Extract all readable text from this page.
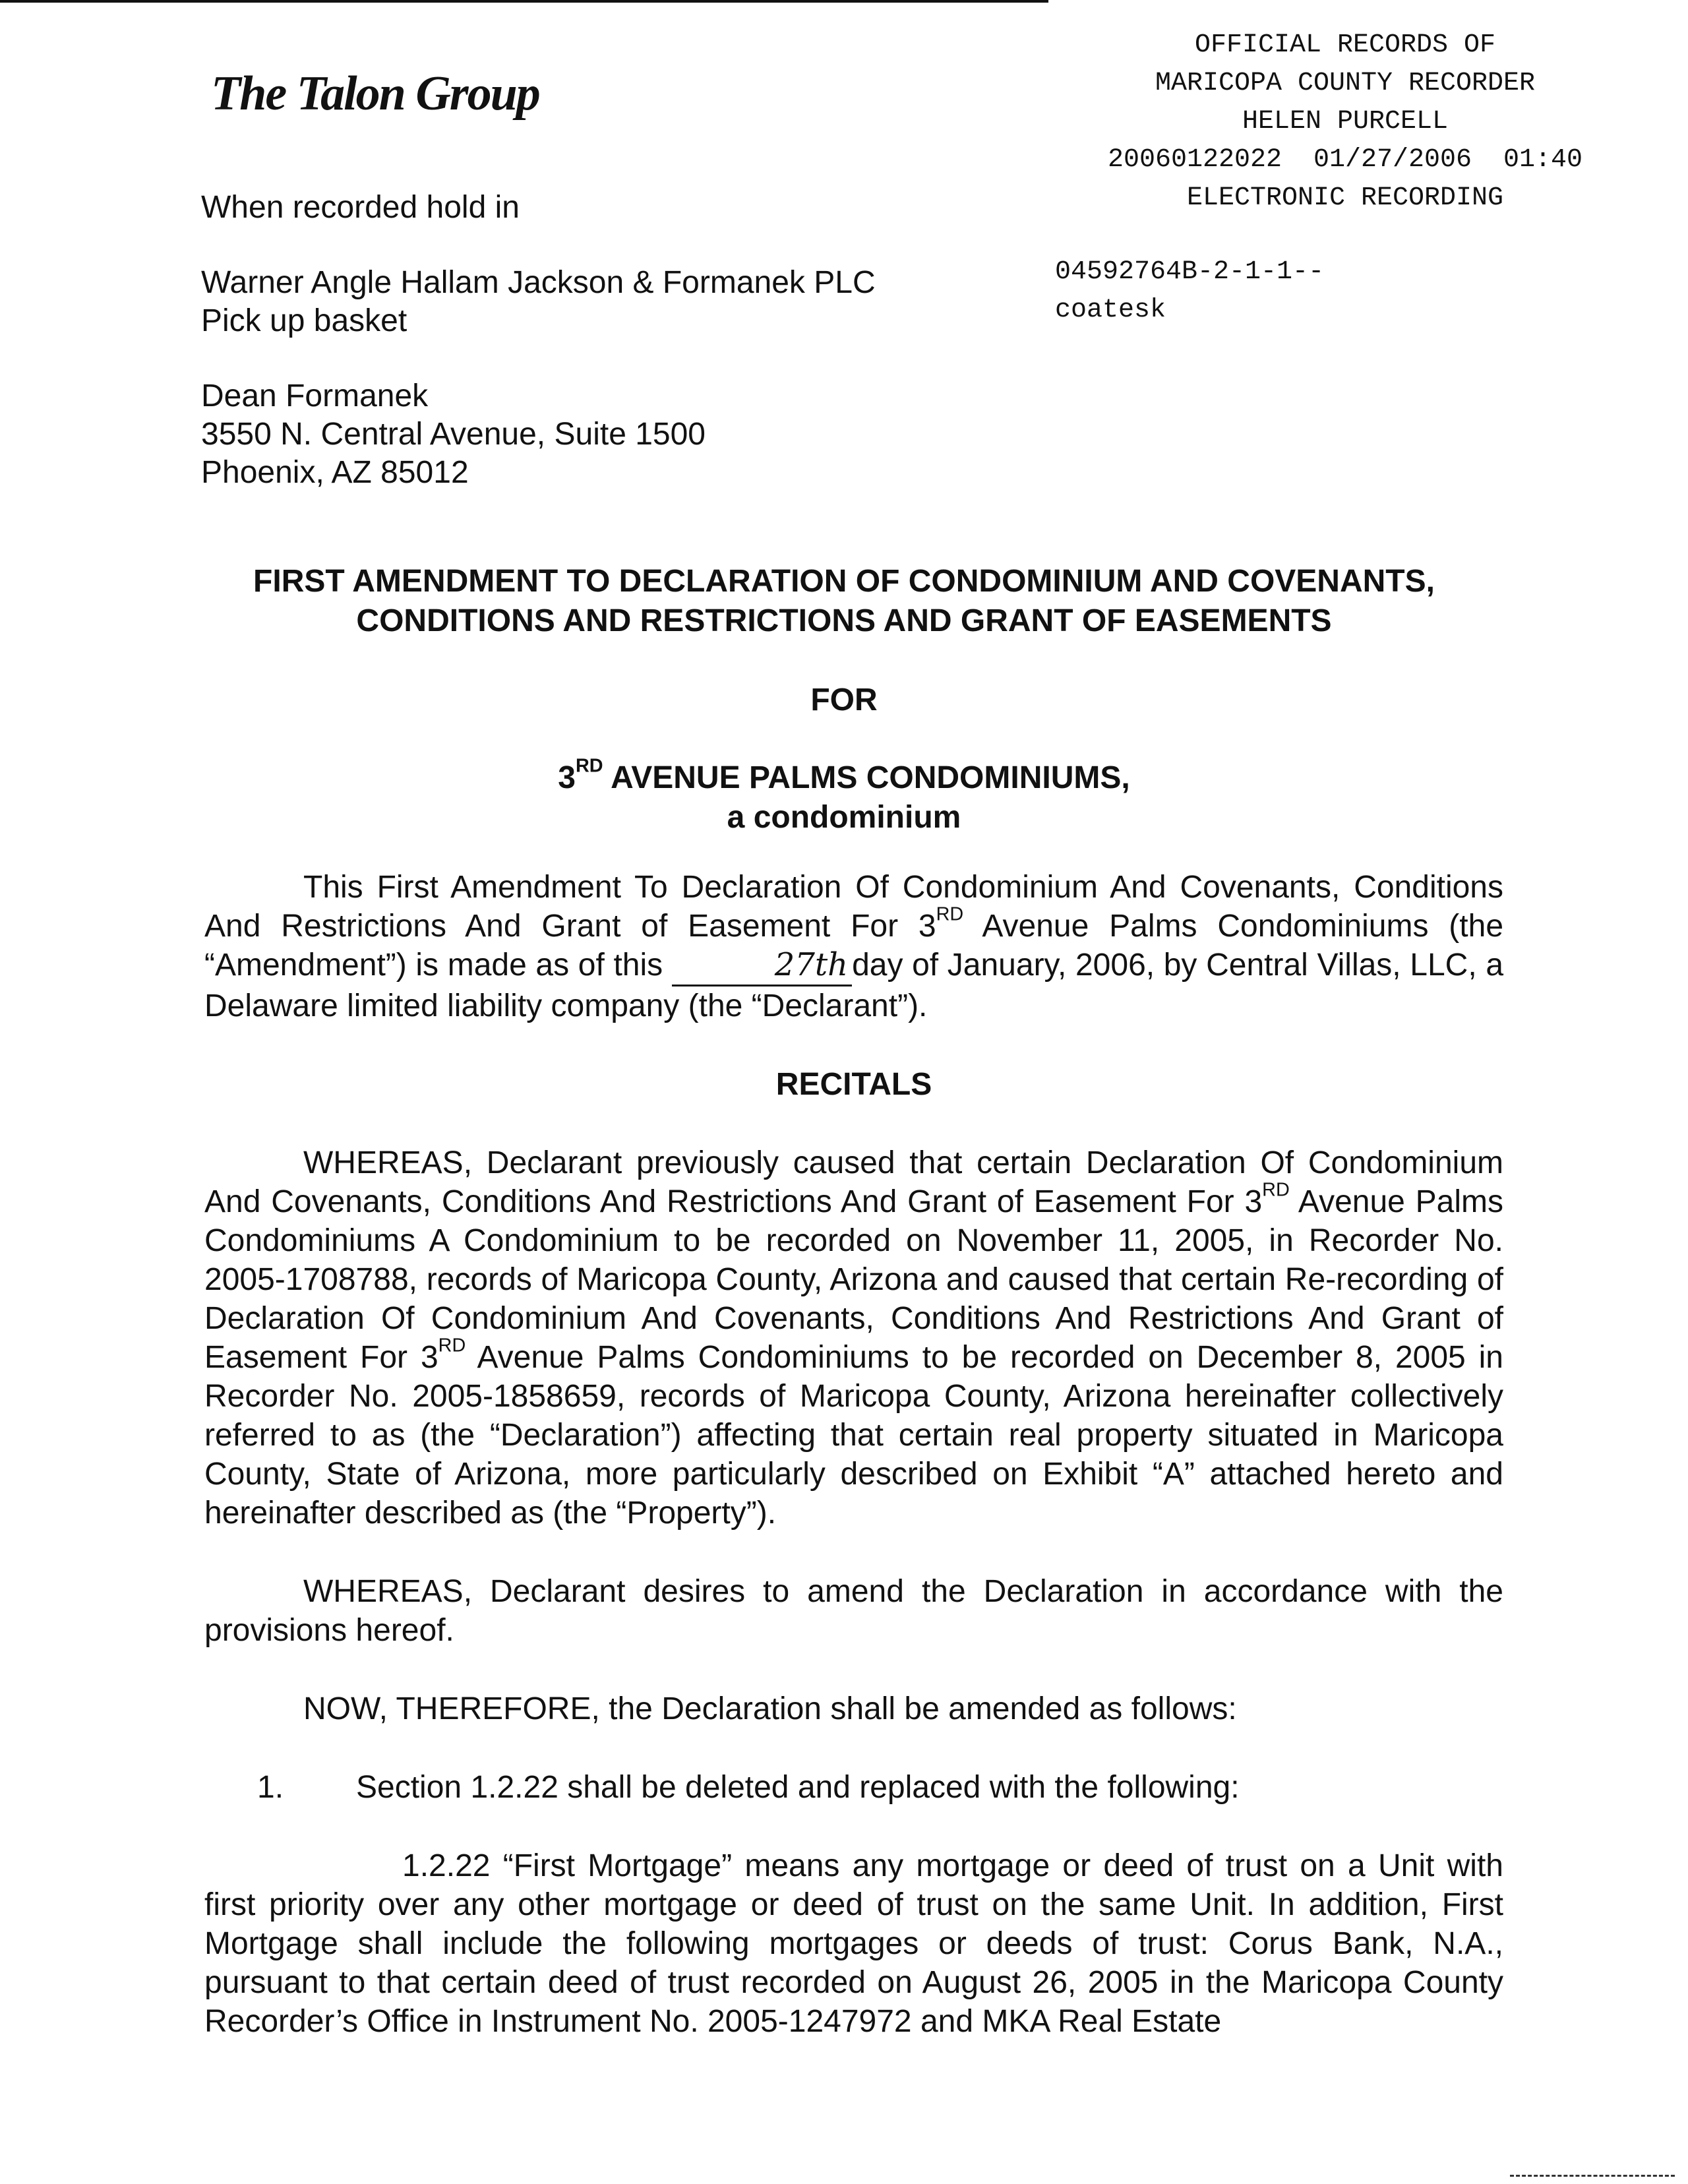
The Talon Group
OFFICIAL RECORDS OF
MARICOPA COUNTY RECORDER
HELEN PURCELL
20060122022  01/27/2006  01:40
ELECTRONIC RECORDING
04592764B-2-1-1--
coatesk

When recorded hold in

Warner Angle Hallam Jackson & Formanek PLC

Pick up basket

Dean Formanek

3550 N. Central Avenue, Suite 1500

Phoenix, AZ 85012

FIRST AMENDMENT TO DECLARATION OF CONDOMINIUM AND COVENANTS,
CONDITIONS AND RESTRICTIONS AND GRANT OF EASEMENTS
FOR
3RD AVENUE PALMS CONDOMINIUMS,
a condominium

This First Amendment To Declaration Of Condominium And Covenants, Conditions And Restrictions And Grant of Easement For 3RD Avenue Palms Condominiums (the “Amendment”) is made as of this	27th day of January, 2006, by Central Villas, LLC, a Delaware limited liability company (the “Declarant”).

RECITALS

WHEREAS, Declarant previously caused that certain Declaration Of Condominium And Covenants, Conditions And Restrictions And Grant of Easement For 3RD Avenue Palms Condominiums A Condominium to be recorded on November 11, 2005, in Recorder No. 2005-1708788, records of Maricopa County, Arizona and caused that certain Re-recording of Declaration Of Condominium And Covenants, Conditions And Restrictions And Grant of Easement For 3RD Avenue Palms Condominiums to be recorded on December 8, 2005 in Recorder No. 2005-1858659, records of Maricopa County, Arizona hereinafter collectively referred to as (the “Declaration”) affecting that certain real property situated in Maricopa County, State of Arizona, more particularly described on Exhibit “A” attached hereto and hereinafter described as (the “Property”).

WHEREAS, Declarant desires to amend the Declaration in accordance with the provisions hereof.

NOW, THEREFORE, the Declaration shall be amended as follows:

1. Section 1.2.22 shall be deleted and replaced with the following:

1.2.22 “First Mortgage” means any mortgage or deed of trust on a Unit with first priority over any other mortgage or deed of trust on the same Unit. In addition, First Mortgage shall include the following mortgages or deeds of trust: Corus Bank, N.A., pursuant to that certain deed of trust recorded on August 26, 2005 in the Maricopa County Recorder’s Office in Instrument No. 2005-1247972 and MKA Real Estate
